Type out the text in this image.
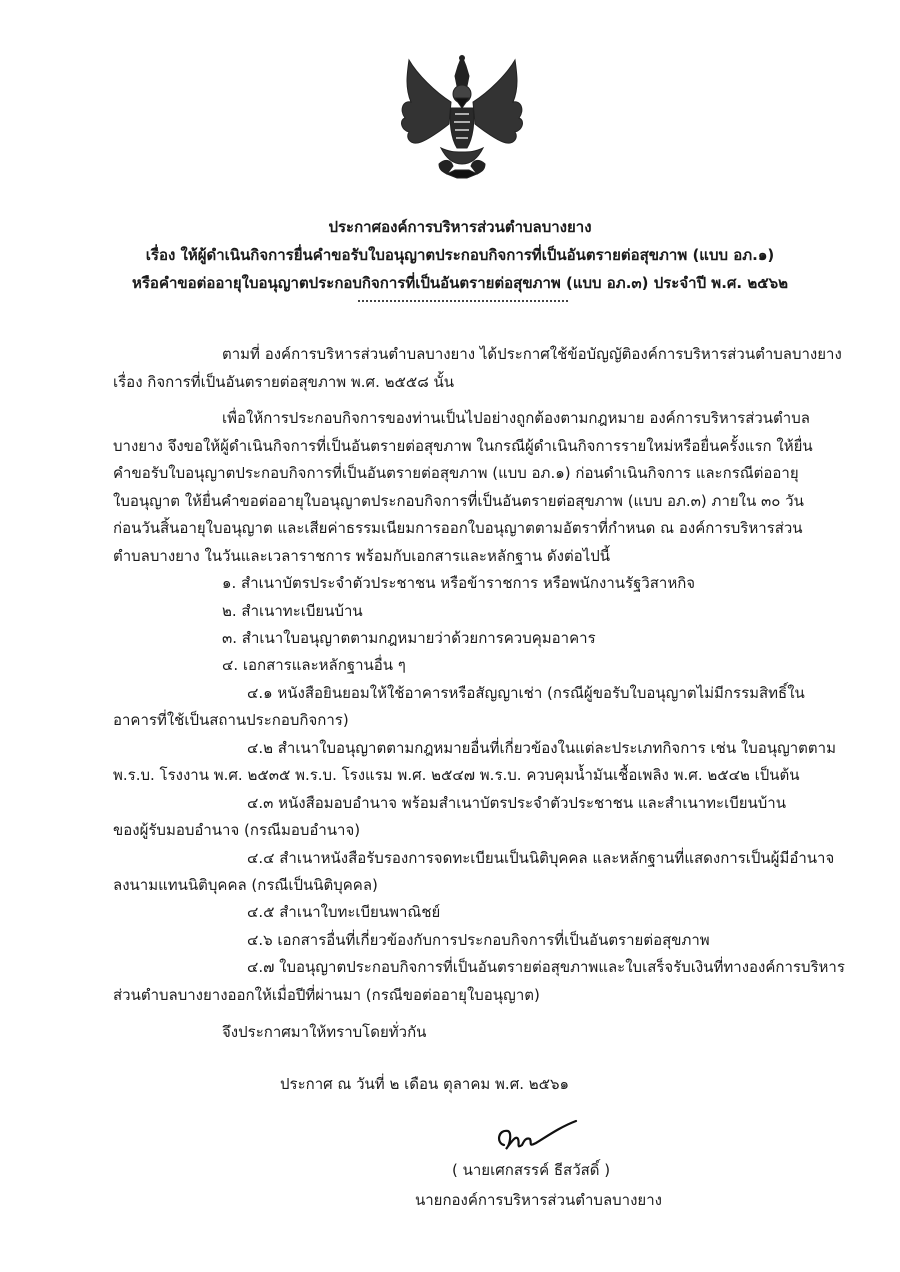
ประกาศองค์การบริหารส่วนตำบลบางยาง
เรื่อง ให้ผู้ดำเนินกิจการยื่นคำขอรับใบอนุญาตประกอบกิจการที่เป็นอันตรายต่อสุขภาพ (แบบ อภ.๑)
หรือคำขอต่ออายุใบอนุญาตประกอบกิจการที่เป็นอันตรายต่อสุขภาพ (แบบ อภ.๓) ประจำปี พ.ศ. ๒๕๖๒
ตามที่ องค์การบริหารส่วนตำบลบางยาง ได้ประกาศใช้ข้อบัญญัติองค์การบริหารส่วนตำบลบางยาง
เรื่อง กิจการที่เป็นอันตรายต่อสุขภาพ พ.ศ. ๒๕๕๘ นั้น
เพื่อให้การประกอบกิจการของท่านเป็นไปอย่างถูกต้องตามกฎหมาย องค์การบริหารส่วนตำบล
บางยาง จึงขอให้ผู้ดำเนินกิจการที่เป็นอันตรายต่อสุขภาพ ในกรณีผู้ดำเนินกิจการรายใหม่หรือยื่นครั้งแรก ให้ยื่น
คำขอรับใบอนุญาตประกอบกิจการที่เป็นอันตรายต่อสุขภาพ (แบบ อภ.๑) ก่อนดำเนินกิจการ และกรณีต่ออายุ
ใบอนุญาต ให้ยื่นคำขอต่ออายุใบอนุญาตประกอบกิจการที่เป็นอันตรายต่อสุขภาพ (แบบ อภ.๓) ภายใน ๓๐ วัน
ก่อนวันสิ้นอายุใบอนุญาต และเสียค่าธรรมเนียมการออกใบอนุญาตตามอัตราที่กำหนด ณ องค์การบริหารส่วน
ตำบลบางยาง ในวันและเวลาราชการ พร้อมกับเอกสารและหลักฐาน ดังต่อไปนี้
๑. สำเนาบัตรประจำตัวประชาชน หรือข้าราชการ หรือพนักงานรัฐวิสาหกิจ
๒. สำเนาทะเบียนบ้าน
๓. สำเนาใบอนุญาตตามกฎหมายว่าด้วยการควบคุมอาคาร
๔. เอกสารและหลักฐานอื่น ๆ
๔.๑ หนังสือยินยอมให้ใช้อาคารหรือสัญญาเช่า (กรณีผู้ขอรับใบอนุญาตไม่มีกรรมสิทธิ์ใน
อาคารที่ใช้เป็นสถานประกอบกิจการ)
๔.๒ สำเนาใบอนุญาตตามกฎหมายอื่นที่เกี่ยวข้องในแต่ละประเภทกิจการ เช่น ใบอนุญาตตาม
พ.ร.บ. โรงงาน พ.ศ. ๒๕๓๕ พ.ร.บ. โรงแรม พ.ศ. ๒๕๔๗ พ.ร.บ. ควบคุมน้ำมันเชื้อเพลิง พ.ศ. ๒๕๔๒ เป็นต้น
๔.๓ หนังสือมอบอำนาจ พร้อมสำเนาบัตรประจำตัวประชาชน และสำเนาทะเบียนบ้าน
ของผู้รับมอบอำนาจ (กรณีมอบอำนาจ)
๔.๔ สำเนาหนังสือรับรองการจดทะเบียนเป็นนิติบุคคล และหลักฐานที่แสดงการเป็นผู้มีอำนาจ
ลงนามแทนนิติบุคคล (กรณีเป็นนิติบุคคล)
๔.๕ สำเนาใบทะเบียนพาณิชย์
๔.๖ เอกสารอื่นที่เกี่ยวข้องกับการประกอบกิจการที่เป็นอันตรายต่อสุขภาพ
๔.๗ ใบอนุญาตประกอบกิจการที่เป็นอันตรายต่อสุขภาพและใบเสร็จรับเงินที่ทางองค์การบริหาร
ส่วนตำบลบางยางออกให้เมื่อปีที่ผ่านมา (กรณีขอต่ออายุใบอนุญาต)
จึงประกาศมาให้ทราบโดยทั่วกัน
ประกาศ ณ วันที่ ๒ เดือน ตุลาคม พ.ศ. ๒๕๖๑
( นายเศกสรรค์ ธีสวัสดิ์ )
นายกองค์การบริหารส่วนตำบลบางยาง
